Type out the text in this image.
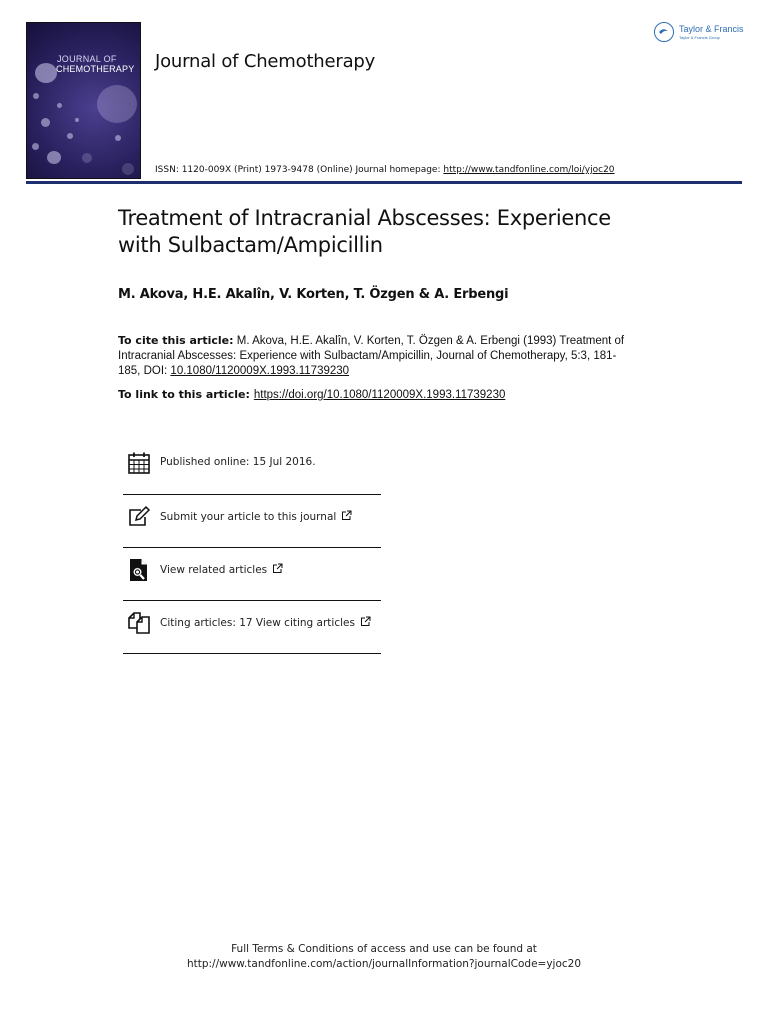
JOURNAL OF
CHEMOTHERAPY Journal of Chemotherapy
Taylor & Francis
Taylor & Francis Group
ISSN: 1120-009X (Print) 1973-9478 (Online) Journal homepage: http://www.tandfonline.com/loi/yjoc20
Treatment of Intracranial Abscesses: Experience
with Sulbactam/Ampicillin
M. Akova, H.E. Akalîn, V. Korten, T. Özgen & A. Erbengi
To cite this article: M. Akova, H.E. Akalîn, V. Korten, T. Özgen & A. Erbengi (1993) Treatment of Intracranial Abscesses: Experience with Sulbactam/Ampicillin, Journal of Chemotherapy, 5:3, 181-185, DOI: 10.1080/1120009X.1993.11739230
To link to this article: https://doi.org/10.1080/1120009X.1993.11739230
Published online: 15 Jul 2016.
Submit your article to this journal
View related articles
Citing articles: 17 View citing articles
Full Terms & Conditions of access and use can be found at
http://www.tandfonline.com/action/journalInformation?journalCode=yjoc20
